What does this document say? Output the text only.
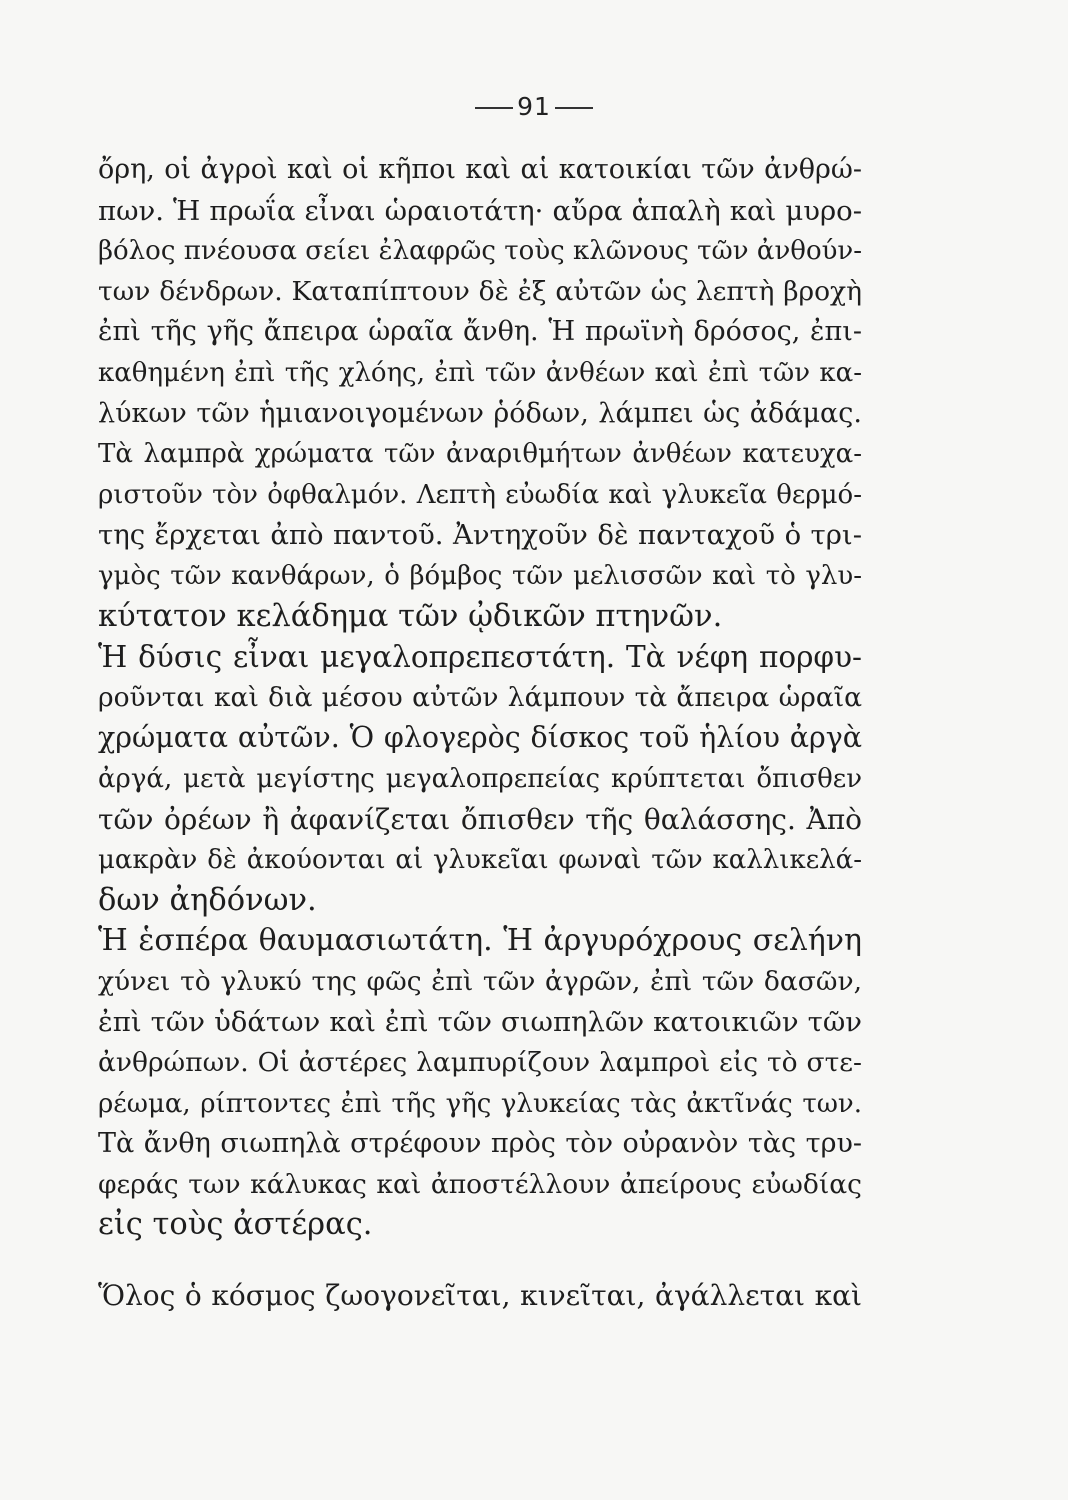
91
ὄρη, οἱ ἀγροὶ καὶ οἱ κῆποι καὶ αἱ κατοικίαι τῶν ἀνθρώ-
πων. Ἡ πρωΐα εἶναι ὡραιοτάτη· αὔρα ἁπαλὴ καὶ μυρο-
βόλος πνέουσα σείει ἐλαφρῶς τοὺς κλῶνους τῶν ἀνθούν-
των δένδρων. Καταπίπτουν δὲ ἐξ αὐτῶν ὡς λεπτὴ βροχὴ
ἐπὶ τῆς γῆς ἄπειρα ὡραῖα ἄνθη. Ἡ πρωϊνὴ δρόσος, ἐπι-
καθημένη ἐπὶ τῆς χλόης, ἐπὶ τῶν ἀνθέων καὶ ἐπὶ τῶν κα-
λύκων τῶν ἡμιανοιγομένων ῥόδων, λάμπει ὡς ἀδάμας.
Τὰ λαμπρὰ χρώματα τῶν ἀναριθμήτων ἀνθέων κατευχα-
ριστοῦν τὸν ὀφθαλμόν. Λεπτὴ εὐωδία καὶ γλυκεῖα θερμό-
της ἔρχεται ἀπὸ παντοῦ. Ἀντηχοῦν δὲ πανταχοῦ ὁ τρι-
γμὸς τῶν κανθάρων, ὁ βόμβος τῶν μελισσῶν καὶ τὸ γλυ-
κύτατον κελάδημα τῶν ᾠδικῶν πτηνῶν.
Ἡ δύσις εἶναι μεγαλοπρεπεστάτη. Τὰ νέφη πορφυ-
ροῦνται καὶ διὰ μέσου αὐτῶν λάμπουν τὰ ἄπειρα ὡραῖα
χρώματα αὐτῶν. Ὁ φλογερὸς δίσκος τοῦ ἡλίου ἀργὰ
ἀργά, μετὰ μεγίστης μεγαλοπρεπείας κρύπτεται ὄπισθεν
τῶν ὀρέων ἢ ἀφανίζεται ὄπισθεν τῆς θαλάσσης. Ἀπὸ
μακρὰν δὲ ἀκούονται αἱ γλυκεῖαι φωναὶ τῶν καλλικελά-
δων ἀηδόνων.
Ἡ ἑσπέρα θαυμασιωτάτη. Ἡ ἀργυρόχρους σελήνη
χύνει τὸ γλυκύ της φῶς ἐπὶ τῶν ἀγρῶν, ἐπὶ τῶν δασῶν,
ἐπὶ τῶν ὑδάτων καὶ ἐπὶ τῶν σιωπηλῶν κατοικιῶν τῶν
ἀνθρώπων. Οἱ ἀστέρες λαμπυρίζουν λαμπροὶ εἰς τὸ στε-
ρέωμα, ρίπτοντες ἐπὶ τῆς γῆς γλυκείας τὰς ἀκτῖνάς των.
Τὰ ἄνθη σιωπηλὰ στρέφουν πρὸς τὸν οὐρανὸν τὰς τρυ-
φεράς των κάλυκας καὶ ἀποστέλλουν ἀπείρους εὐωδίας
εἰς τοὺς ἀστέρας.
Ὅλος ὁ κόσμος ζωογονεῖται, κινεῖται, ἀγάλλεται καὶ
